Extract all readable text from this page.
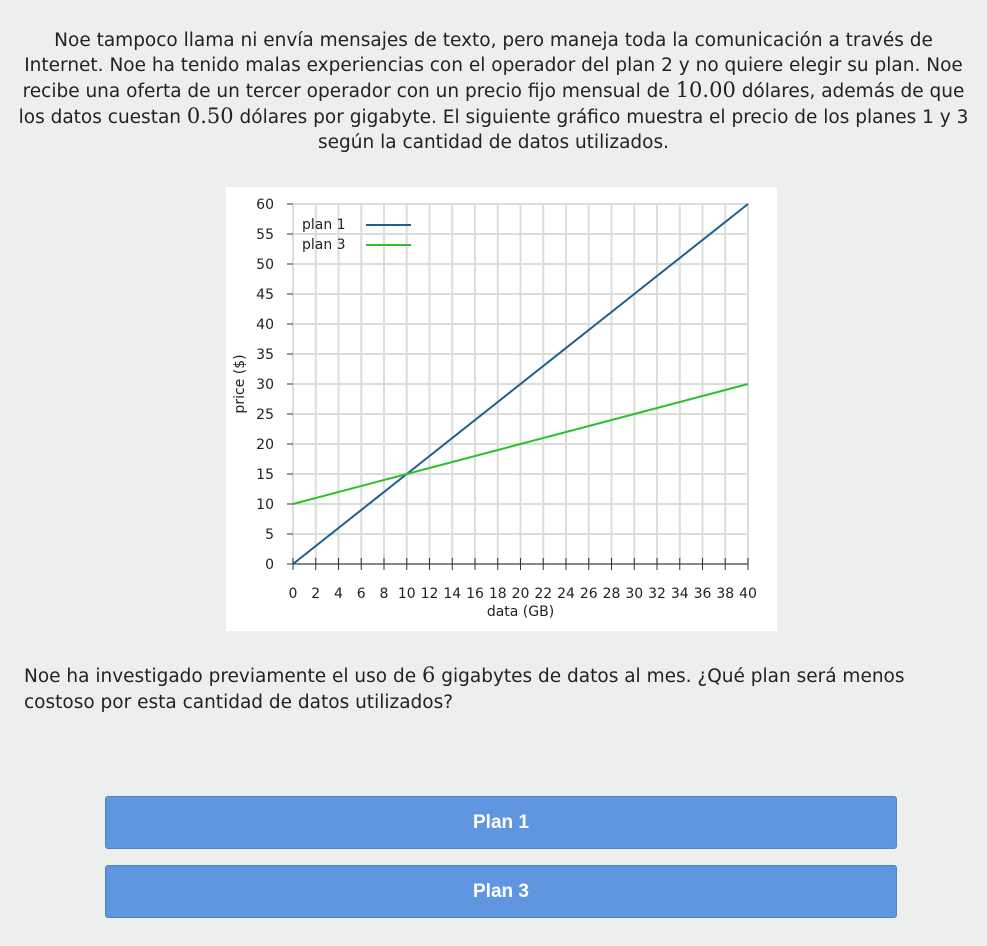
Noe tampoco llama ni envía mensajes de texto, pero maneja toda la comunicación a través de Internet. Noe ha tenido malas experiencias con el operador del plan 2 y no quiere elegir su plan. Noe recibe una oferta de un tercer operador con un precio fijo mensual de 10.00 dólares, además de que los datos cuestan 0.50 dólares por gigabyte. El siguiente gráfico muestra el precio de los planes 1 y 3 según la cantidad de datos utilizados.
0 2 4 6 8 10 12 14 16 18 20 22 24 26 28 30 32 34 36 38 40
0
5
10
15
20
25
30
35
40
45
50
55
60
data (GB)
price ($)
plan 1
plan 3
Noe ha investigado previamente el uso de 6 gigabytes de datos al mes. ¿Qué plan será menos costoso por esta cantidad de datos utilizados?
Plan 1
Plan 3
